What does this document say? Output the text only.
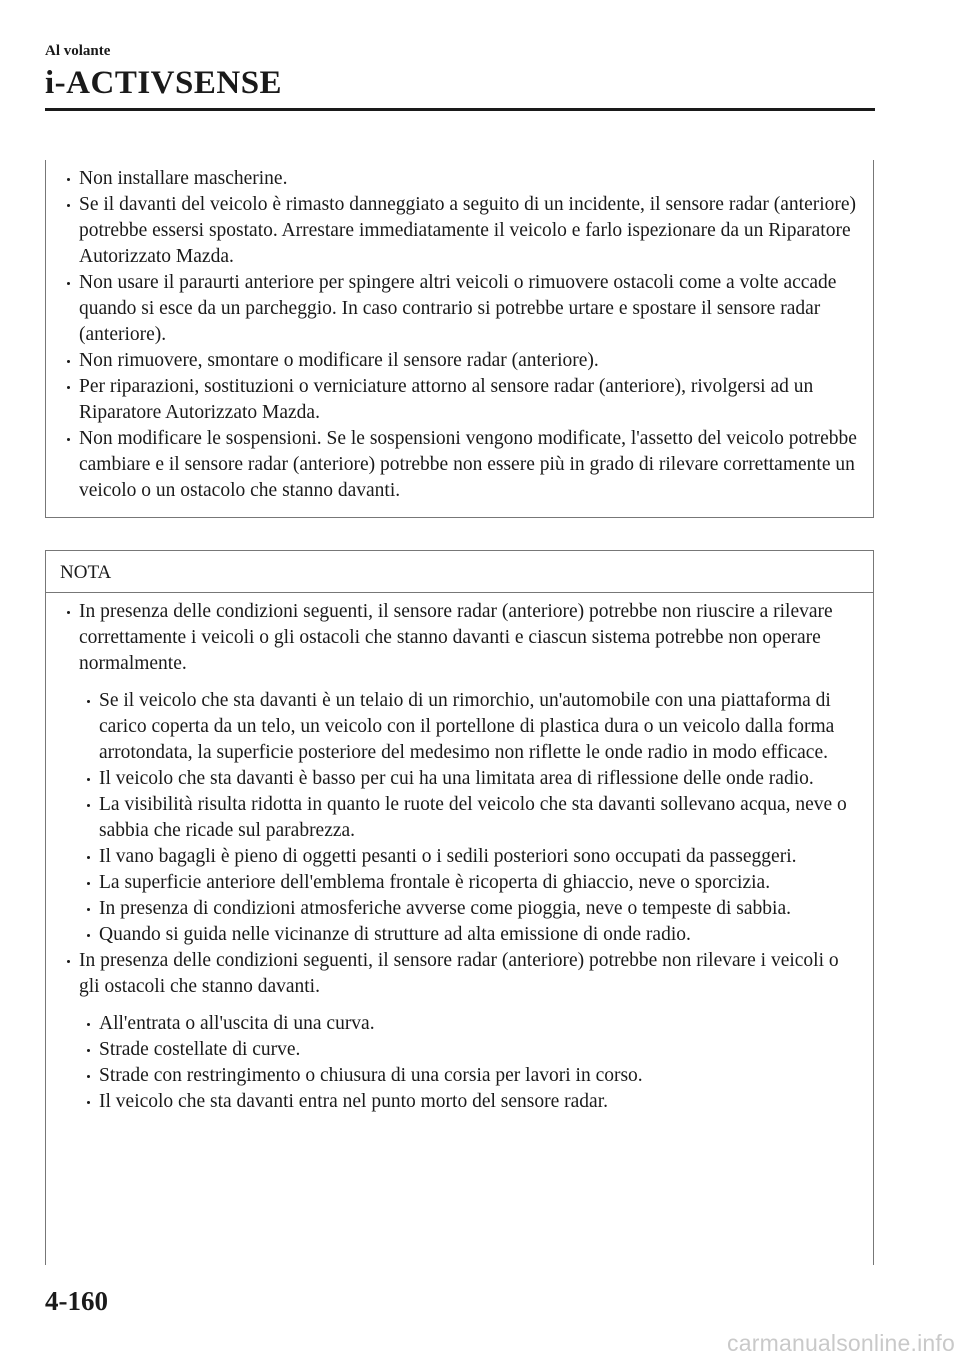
Al volante
i-ACTIVSENSE
Non installare mascherine.
Se il davanti del veicolo è rimasto danneggiato a seguito di un incidente, il sensore radar (anteriore) potrebbe essersi spostato. Arrestare immediatamente il veicolo e farlo ispezionare da un Riparatore Autorizzato Mazda.
Non usare il paraurti anteriore per spingere altri veicoli o rimuovere ostacoli come a volte accade quando si esce da un parcheggio. In caso contrario si potrebbe urtare e spostare il sensore radar (anteriore).
Non rimuovere, smontare o modificare il sensore radar (anteriore).
Per riparazioni, sostituzioni o verniciature attorno al sensore radar (anteriore), rivolgersi ad un Riparatore Autorizzato Mazda.
Non modificare le sospensioni. Se le sospensioni vengono modificate, l'assetto del veicolo potrebbe cambiare e il sensore radar (anteriore) potrebbe non essere più in grado di rilevare correttamente un veicolo o un ostacolo che stanno davanti.
NOTA
In presenza delle condizioni seguenti, il sensore radar (anteriore) potrebbe non riuscire a rilevare correttamente i veicoli o gli ostacoli che stanno davanti e ciascun sistema potrebbe non operare normalmente.
Se il veicolo che sta davanti è un telaio di un rimorchio, un'automobile con una piattaforma di carico coperta da un telo, un veicolo con il portellone di plastica dura o un veicolo dalla forma arrotondata, la superficie posteriore del medesimo non riflette le onde radio in modo efficace.
Il veicolo che sta davanti è basso per cui ha una limitata area di riflessione delle onde radio.
La visibilità risulta ridotta in quanto le ruote del veicolo che sta davanti sollevano acqua, neve o sabbia che ricade sul parabrezza.
Il vano bagagli è pieno di oggetti pesanti o i sedili posteriori sono occupati da passeggeri.
La superficie anteriore dell'emblema frontale è ricoperta di ghiaccio, neve o sporcizia.
In presenza di condizioni atmosferiche avverse come pioggia, neve o tempeste di sabbia.
Quando si guida nelle vicinanze di strutture ad alta emissione di onde radio.
In presenza delle condizioni seguenti, il sensore radar (anteriore) potrebbe non rilevare i veicoli o gli ostacoli che stanno davanti.
All'entrata o all'uscita di una curva.
Strade costellate di curve.
Strade con restringimento o chiusura di una corsia per lavori in corso.
Il veicolo che sta davanti entra nel punto morto del sensore radar.
4-160
carmanualsonline.info
